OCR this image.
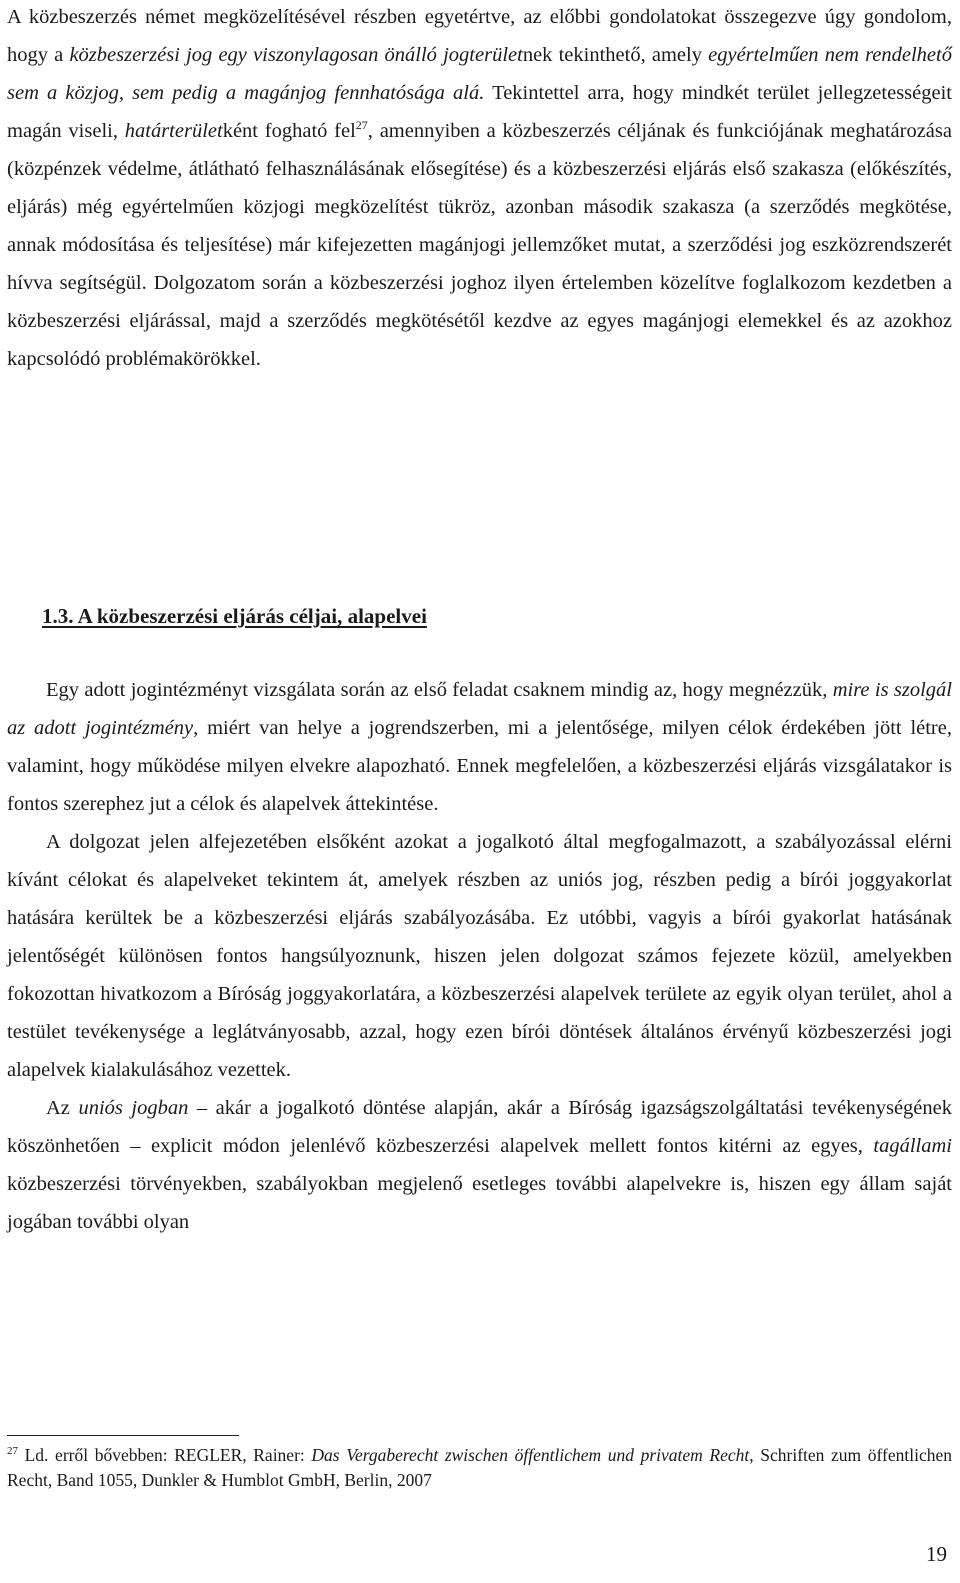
A közbeszerzés német megközelítésével részben egyetértve, az előbbi gondolatokat összegezve úgy gondolom, hogy a közbeszerzési jog egy viszonylagosan önálló jogterületnek tekinthető, amely egyértelműen nem rendelhető sem a közjog, sem pedig a magánjog fennhatósága alá. Tekintettel arra, hogy mindkét terület jellegzetességeit magán viseli, határterületként fogható fel$^{27}$, amennyiben a közbeszerzés céljának és funkciójának meghatározása (közpénzek védelme, átlátható felhasználásának elősegítése) és a közbeszerzési eljárás első szakasza (előkészítés, eljárás) még egyértelműen közjogi megközelítést tükröz, azonban második szakasza (a szerződés megkötése, annak módosítása és teljesítése) már kifejezetten magánjogi jellemzőket mutat, a szerződési jog eszközrendszerét hívva segítségül. Dolgozatom során a közbeszerzési joghoz ilyen értelemben közelítve foglalkozom kezdetben a közbeszerzési eljárással, majd a szerződés megkötésétől kezdve az egyes magánjogi elemekkel és az azokhoz kapcsolódó problémakörökkel.

1.3. A közbeszerzési eljárás céljai, alapelvei

Egy adott jogintézményt vizsgálata során az első feladat csaknem mindig az, hogy megnézzük, mire is szolgál az adott jogintézmény, miért van helye a jogrendszerben, mi a jelentősége, milyen célok érdekében jött létre, valamint, hogy működése milyen elvekre alapozható. Ennek megfelelően, a közbeszerzési eljárás vizsgálatakor is fontos szerephez jut a célok és alapelvek áttekintése.

A dolgozat jelen alfejezetében elsőként azokat a jogalkotó által megfogalmazott, a szabályozással elérni kívánt célokat és alapelveket tekintem át, amelyek részben az uniós jog, részben pedig a bírói joggyakorlat hatására kerültek be a közbeszerzési eljárás szabályozásába. Ez utóbbi, vagyis a bírói gyakorlat hatásának jelentőségét különösen fontos hangsúlyoznunk, hiszen jelen dolgozat számos fejezete közül, amelyekben fokozottan hivatkozom a Bíróság joggyakorlatára, a közbeszerzési alapelvek területe az egyik olyan terület, ahol a testület tevékenysége a leglátványosabb, azzal, hogy ezen bírói döntések általános érvényű közbeszerzési jogi alapelvek kialakulásához vezettek.

Az uniós jogban – akár a jogalkotó döntése alapján, akár a Bíróság igazságszolgáltatási tevékenységének köszönhetően – explicit módon jelenlévő közbeszerzési alapelvek mellett fontos kitérni az egyes, tagállami közbeszerzési törvényekben, szabályokban megjelenő esetleges további alapelvekre is, hiszen egy állam saját jogában további olyan

$^{27}$ Ld. erről bővebben: REGLER, Rainer: Das Vergaberecht zwischen öffentlichem und privatem Recht, Schriften zum öffentlichen Recht, Band 1055, Dunkler & Humblot GmbH, Berlin, 2007
19
